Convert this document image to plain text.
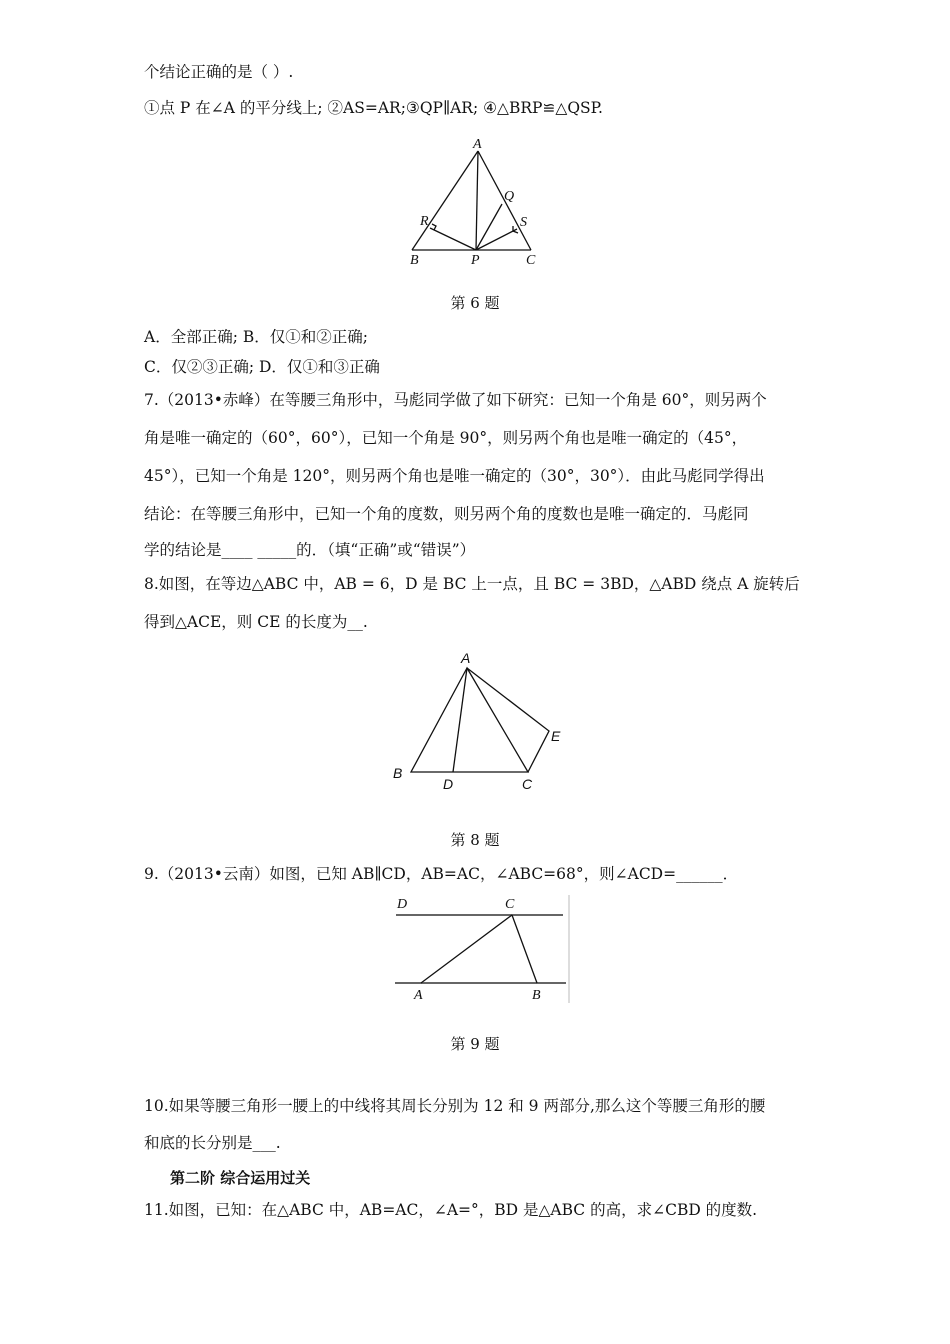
个结论正确的是（ ）.
①点 P 在∠A 的平分线上; ②AS=AR;③QP∥AR; ④△BRP≌△QSP.
A
B	C
P
Q
R	S
A
B
C
D
E
D	C
A	B
第 6 题
A．全部正确; B．仅①和②正确;
C．仅②③正确; D．仅①和③正确
7.（2013•赤峰）在等腰三角形中，马彪同学做了如下研究：已知一个角是 60°，则另两个
角是唯一确定的（60°，60°），已知一个角是 90°，则另两个角也是唯一确定的（45°，
45°），已知一个角是 120°，则另两个角也是唯一确定的（30°，30°）．由此马彪同学得出
结论：在等腰三角形中，已知一个角的度数，则另两个角的度数也是唯一确定的．马彪同
学的结论是____ _____的．（填“正确”或“错误”）
8.如图，在等边△ABC 中，AB = 6，D 是 BC 上一点，且 BC = 3BD，△ABD 绕点 A 旋转后
得到△ACE，则 CE 的长度为__.
第 8 题
9.（2013•云南）如图，已知 AB∥CD，AB=AC，∠ABC=68°，则∠ACD=______．
第 9 题
10.如果等腰三角形一腰上的中线将其周长分别为 12 和 9 两部分,那么这个等腰三角形的腰
和底的长分别是___.
第二阶 综合运用过关
11.如图，已知：在△ABC 中，AB=AC，∠A=°，BD 是△ABC 的高，求∠CBD 的度数.
